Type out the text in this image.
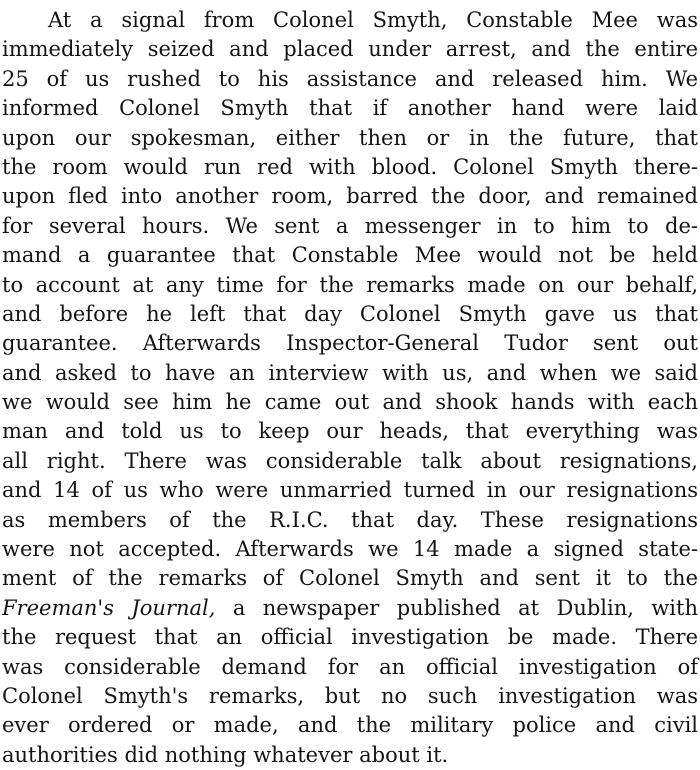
At a signal from Colonel Smyth, Constable Mee was
immediately seized and placed under arrest, and the entire
25 of us rushed to his assistance and released him. We
informed Colonel Smyth that if another hand were laid
upon our spokesman, either then or in the future, that
the room would run red with blood. Colonel Smyth there-
upon fled into another room, barred the door, and remained
for several hours. We sent a messenger in to him to de-
mand a guarantee that Constable Mee would not be held
to account at any time for the remarks made on our behalf,
and before he left that day Colonel Smyth gave us that
guarantee. Afterwards Inspector-General Tudor sent out
and asked to have an interview with us, and when we said
we would see him he came out and shook hands with each
man and told us to keep our heads, that everything was
all right. There was considerable talk about resignations,
and 14 of us who were unmarried turned in our resignations
as members of the R.I.C. that day. These resignations
were not accepted. Afterwards we 14 made a signed state-
ment of the remarks of Colonel Smyth and sent it to the
Freeman's Journal, a newspaper published at Dublin, with
the request that an official investigation be made. There
was considerable demand for an official investigation of
Colonel Smyth's remarks, but no such investigation was
ever ordered or made, and the military police and civil
authorities did nothing whatever about it.
